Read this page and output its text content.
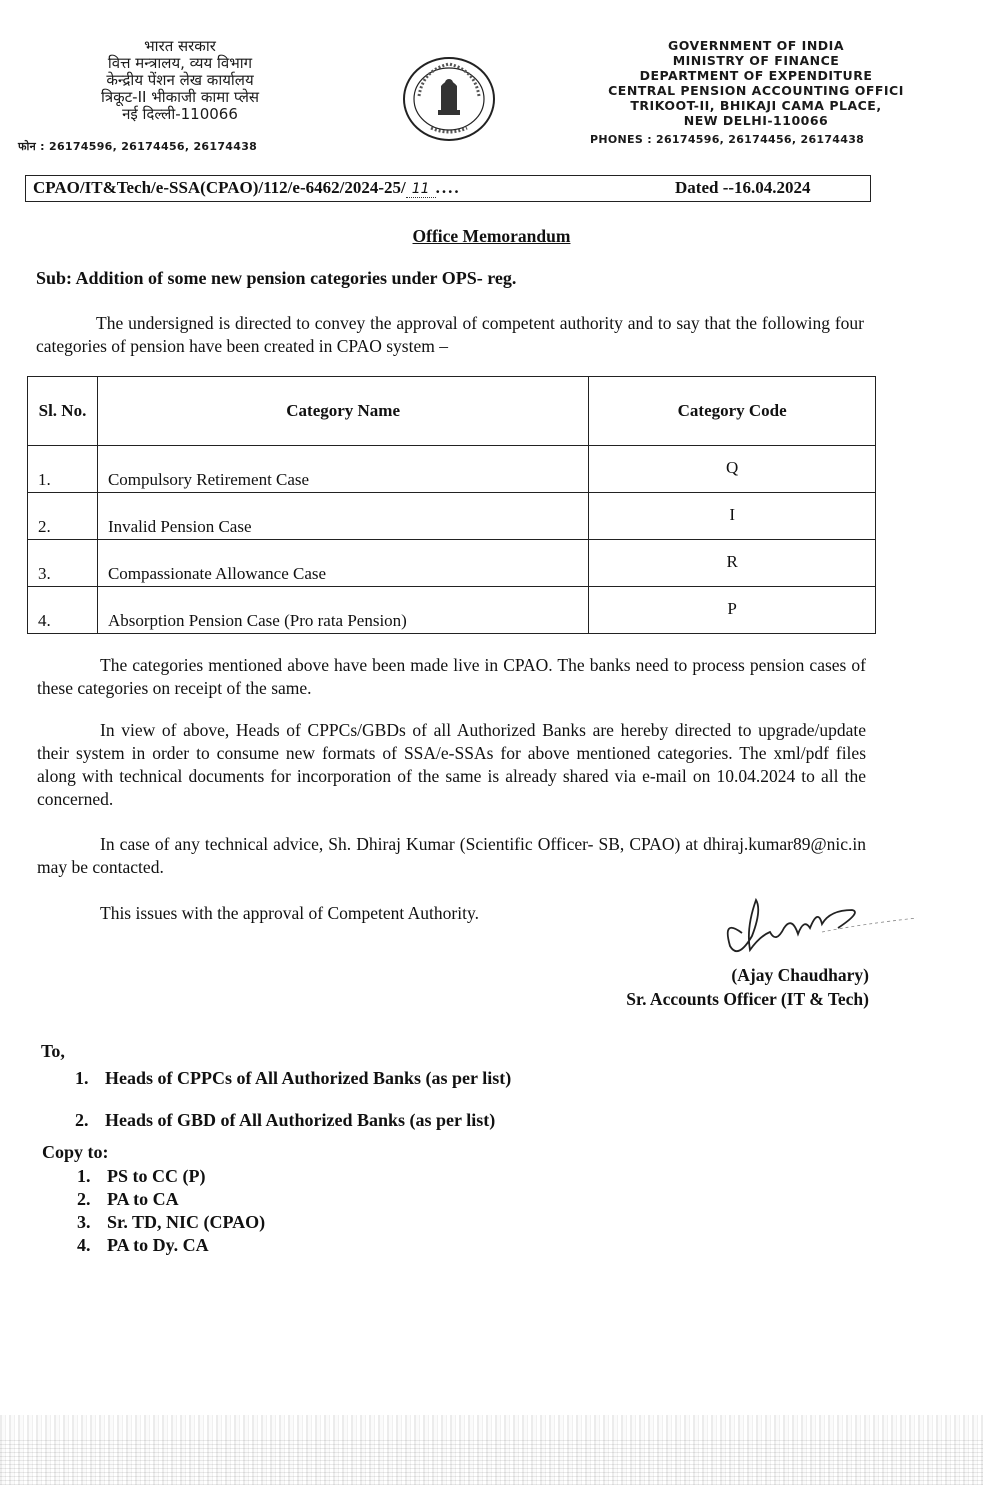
भारत सरकार
वित्त मन्त्रालय, व्यय विभाग
केन्द्रीय पेंशन लेख कार्यालय
त्रिकूट-II भीकाजी कामा प्लेस
नई दिल्ली-110066
फोन : 26174596, 26174456, 26174438
GOVERNMENT OF INDIA
MINISTRY OF FINANCE
DEPARTMENT OF EXPENDITURE
CENTRAL PENSION ACCOUNTING OFFICI
TRIKOOT-II, BHIKAJI CAMA PLACE,
NEW DELHI-110066
PHONES : 26174596, 26174456, 26174438
CPAO/IT&Tech/e-SSA(CPAO)/112/e-6462/2024-25/ 11 ....	Dated --16.04.2024
Office Memorandum
Sub: Addition of some new pension categories under OPS- reg.
The undersigned is directed to convey the approval of competent authority and to say that the following four categories of pension have been created in CPAO system –
Sl. No.	Category Name	Category Code
1.	Compulsory Retirement Case	Q
2.	Invalid Pension Case	I
3.	Compassionate Allowance Case	R
4.	Absorption Pension Case (Pro rata Pension)	P
The categories mentioned above have been made live in CPAO. The banks need to process pension cases of these categories on receipt of the same.
In view of above, Heads of CPPCs/GBDs of all Authorized Banks are hereby directed to upgrade/update their system in order to consume new formats of SSA/e-SSAs for above mentioned categories. The xml/pdf files along with technical documents for incorporation of the same is already shared via e-mail on 10.04.2024 to all the concerned.
In case of any technical advice, Sh. Dhiraj Kumar (Scientific Officer- SB, CPAO) at dhiraj.kumar89@nic.in may be contacted.
This issues with the approval of Competent Authority.
(Ajay Chaudhary)
Sr. Accounts Officer (IT & Tech)
To,
1. Heads of CPPCs of All Authorized Banks (as per list)
2. Heads of GBD of All Authorized Banks (as per list)
Copy to:
1. PS to CC (P)
2. PA to CA
3. Sr. TD, NIC (CPAO)
4. PA to Dy. CA
